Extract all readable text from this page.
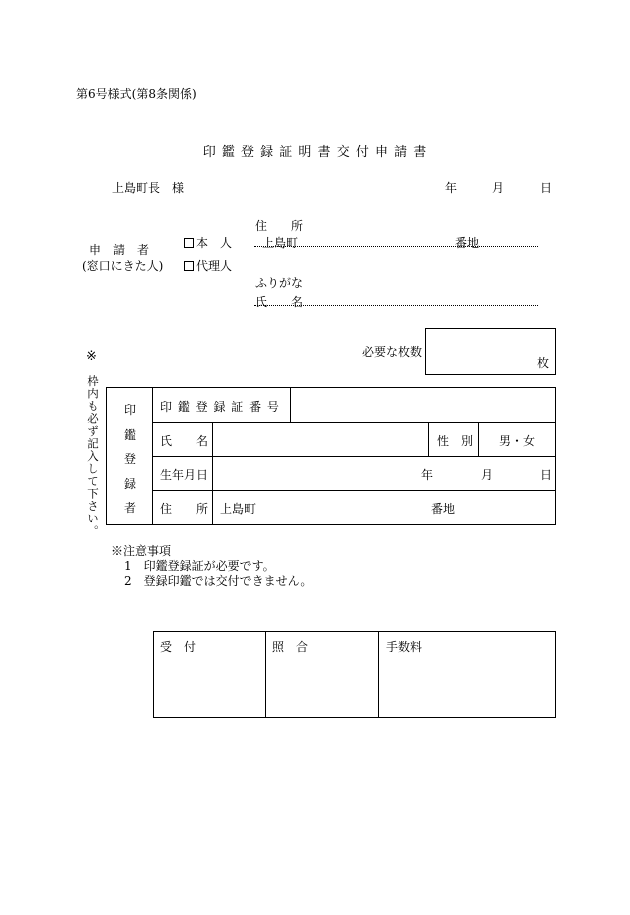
第6号様式(第8条関係)
印 鑑 登 録 証 明 書 交 付 申 請 書
上島町長　様	年	月	日
申　請　者
(窓口にきた人)
本　人
代理人
住　　所
上島町	番地
ふりがな
氏　　名
※
枠内も必ず記入して下さい。
必要な枚数
枚
印鑑登録者
印 鑑 登 録 証 番 号
氏　　名	性　別 男・女
生年月日	年	月	日
住　　所 上島町	番地
※注意事項
1　印鑑登録証が必要です。
2　登録印鑑では交付できません。
受　付	照　合	手数料
